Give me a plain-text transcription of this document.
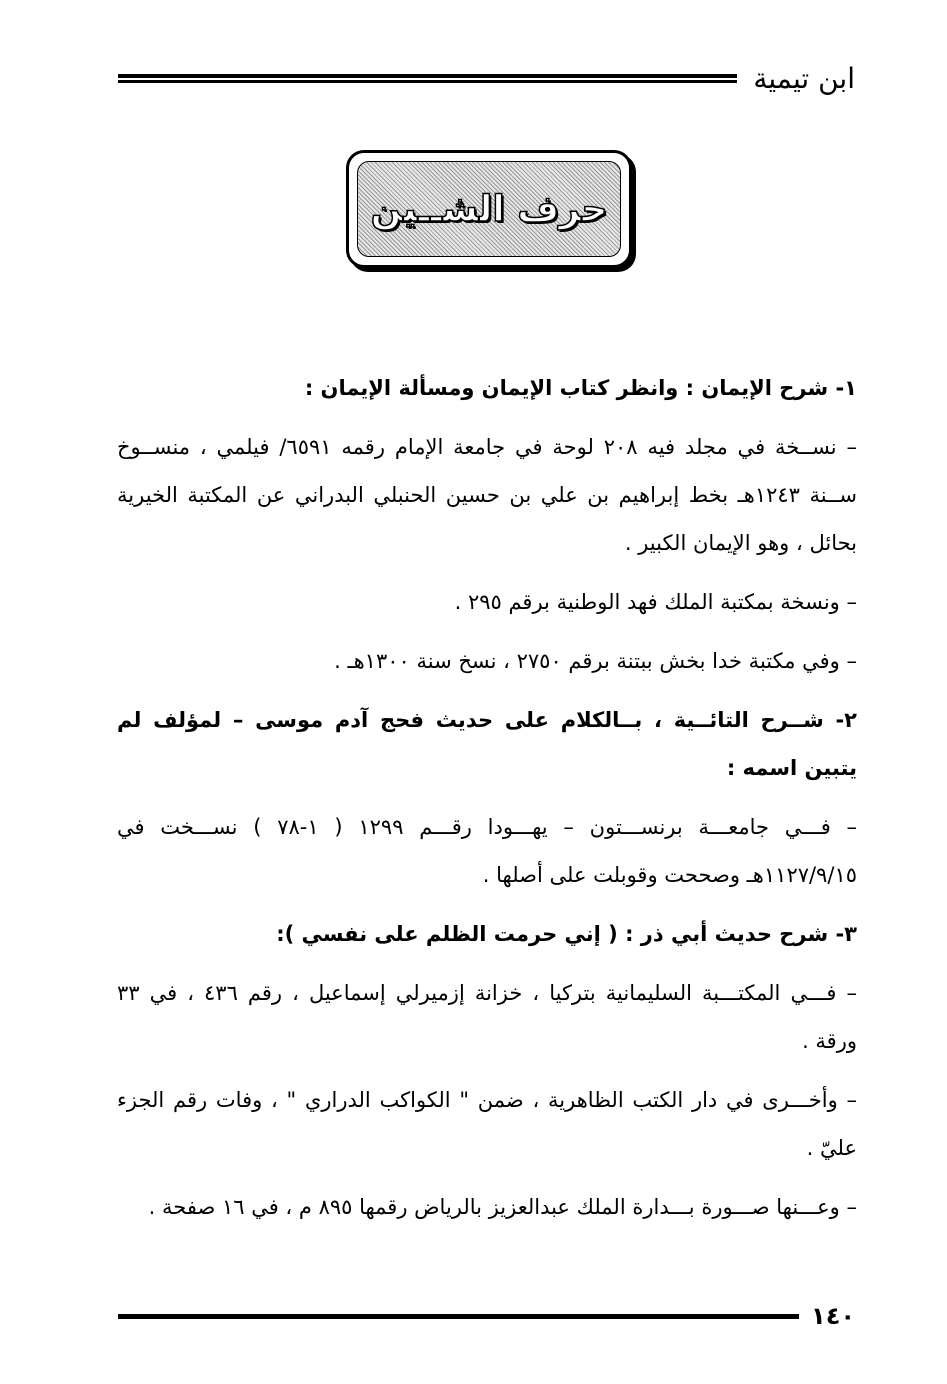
ابن تيمية
حرف الشــين

١- شرح الإيمان : وانظر كتاب الإيمان ومسألة الإيمان :

– نســخة في مجلد فيه ٢٠٨ لوحة في جامعة الإمام رقمه ٦٥٩١/ فيلمي ، منســوخ ســنة ١٢٤٣هـ بخط إبراهيم بن علي بن حسين الحنبلي البدراني عن المكتبة الخيرية بحائل ، وهو الإيمان الكبير .

– ونسخة بمكتبة الملك فهد الوطنية برقم ٢٩٥ .

– وفي مكتبة خدا بخش ببتنة برقم ٢٧٥٠ ، نسخ سنة ١٣٠٠هـ .

٢- شــرح التائــية ، بــالكلام على حديث فحج آدم موسى – لمؤلف لم يتبين اسمه :

– فـــي جامعـــة برنســـتون – يهـــودا رقـــم ١٢٩٩ ( ١-٧٨ ) نســـخت في ١١٢٧/٩/١٥هـ وصححت وقوبلت على أصلها .

٣- شرح حديث أبي ذر : ( إني حرمت الظلم على نفسي ):

– فـــي المكتـــبة السليمانية بتركيا ، خزانة إزميرلي إسماعيل ، رقم ٤٣٦ ، في ٣٣ ورقة .

– وأخـــرى في دار الكتب الظاهرية ، ضمن " الكواكب الدراري " ، وفات رقم الجزء عليّ .

– وعـــنها صـــورة بـــدارة الملك عبدالعزيز بالرياض رقمها ٨٩٥ م ، في ١٦ صفحة .

١٤٠
